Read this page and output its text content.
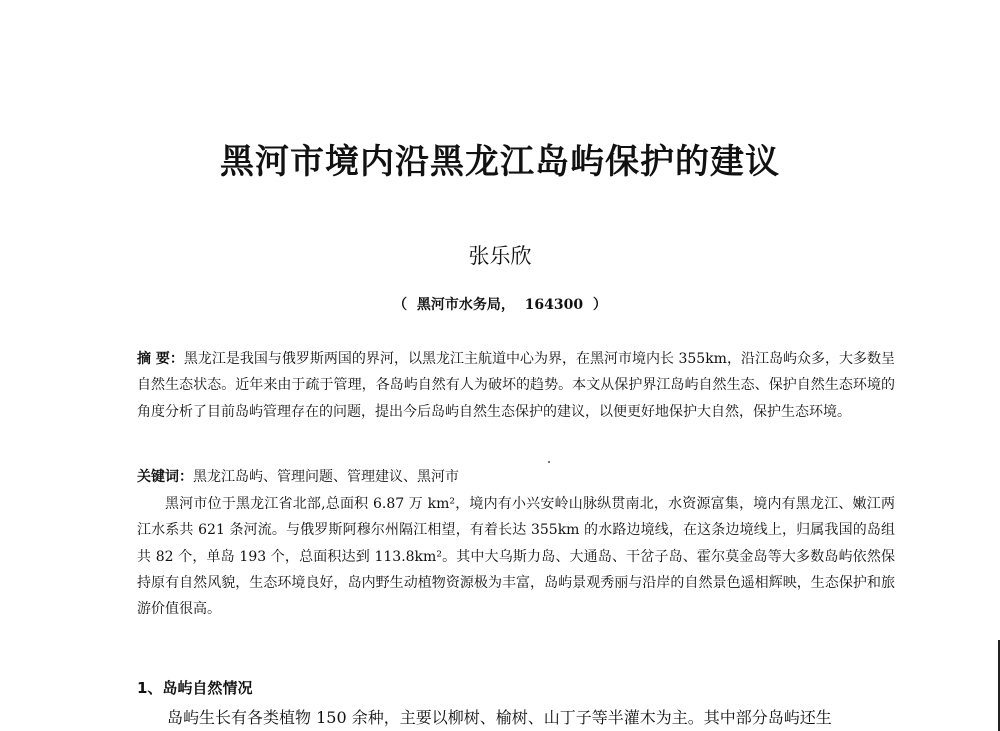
黑河市境内沿黑龙江岛屿保护的建议
张乐欣
（  黑河市水务局，  164300  ）
摘 要：黑龙江是我国与俄罗斯两国的界河，以黑龙江主航道中心为界，在黑河市境内长 355km，沿江岛屿众多，大多数呈自然生态状态。近年来由于疏于管理，各岛屿自然有人为破坏的趋势。本文从保护界江岛屿自然生态、保护自然生态环境的角度分析了目前岛屿管理存在的问题，提出今后岛屿自然生态保护的建议，以便更好地保护大自然，保护生态环境。
关键词：黑龙江岛屿、管理问题、管理建议、黑河市
黑河市位于黑龙江省北部,总面积 6.87 万 km²，境内有小兴安岭山脉纵贯南北，水资源富集，境内有黑龙江、嫩江两江水系共 621 条河流。与俄罗斯阿穆尔州隔江相望，有着长达 355km 的水路边境线，在这条边境线上，归属我国的岛组共 82 个，单岛 193 个，总面积达到 113.8km²。其中大乌斯力岛、大通岛、干岔子岛、霍尔莫金岛等大多数岛屿依然保持原有自然风貌，生态环境良好，岛内野生动植物资源极为丰富，岛屿景观秀丽与沿岸的自然景色遥相辉映，生态保护和旅游价值很高。
1、岛屿自然情况
岛屿生长有各类植物 150 余种，主要以柳树、榆树、山丁子等半灌木为主。其中部分岛屿还生
